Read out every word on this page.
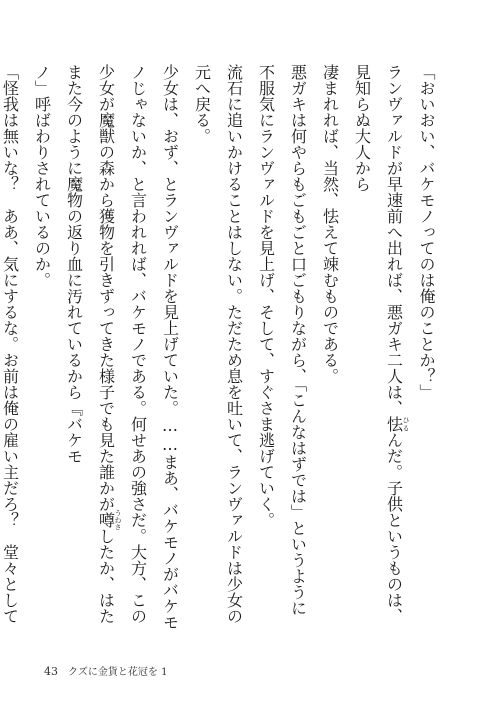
「おいおい、バケモノってのは俺のことか？」
ランヴァルドが早速前へ出れば、悪ガキ二人は、怯ひるんだ。子供というものは、見知らぬ大人から
凄まれれば、当然、怯えて竦むものである。
悪ガキは何やらもごもごと口ごもりながら、「こんなはずでは」というように不服気にランヴァルドを見上げ、そして、すぐさま逃げていく。
流石に追いかけることはしない。ただため息を吐いて、ランヴァルドは少女の元へ戻る。
少女は、おず、とランヴァルドを見上げていた。……まあ、バケモノがバケモノじゃないか、と言われれば、バケモノである。何せあの強さだ。大方、この少女が魔獣の森から獲物を引きずってきた様子でも見た誰かが噂うわさしたか、はたまた今のように魔物の返り血に汚れているから『バケモ
ノ」呼ばわりされているのか。
「怪我は無いな？　ああ、気にするな。お前は俺の雇い主だろ？　堂々として
43 クズに金貨と花冠を 1
